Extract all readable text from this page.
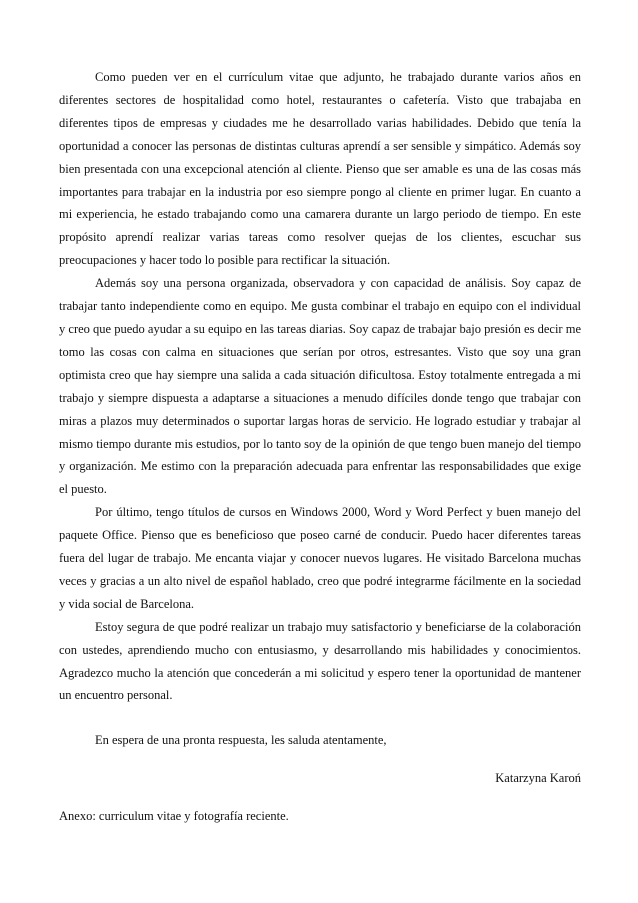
Como pueden ver en el currículum vitae que adjunto, he trabajado durante varios años en diferentes sectores de hospitalidad como hotel, restaurantes o cafetería. Visto que trabajaba en diferentes tipos de empresas y ciudades me he desarrollado varias habilidades. Debido que tenía la oportunidad a conocer las personas de distintas culturas aprendí a ser sensible y simpático. Además soy bien presentada con una excepcional atención al cliente. Pienso que ser amable es una de las cosas más importantes para trabajar en la industria por eso siempre pongo al cliente en primer lugar. En cuanto a mi experiencia, he estado trabajando como una camarera durante un largo periodo de tiempo. En este propósito aprendí realizar varias tareas como resolver quejas de los clientes, escuchar sus preocupaciones y hacer todo lo posible para rectificar la situación.

Además soy una persona organizada, observadora y con capacidad de análisis. Soy capaz de trabajar tanto independiente como en equipo. Me gusta combinar el trabajo en equipo con el individual y creo que puedo ayudar a su equipo en las tareas diarias. Soy capaz de trabajar bajo presión es decir me tomo las cosas con calma en situaciones que serían por otros, estresantes. Visto que soy una gran optimista creo que hay siempre una salida a cada situación dificultosa. Estoy totalmente entregada a mi trabajo y siempre dispuesta a adaptarse a situaciones a menudo difíciles donde tengo que trabajar con miras a plazos muy determinados o suportar largas horas de servicio. He logrado estudiar y trabajar al mismo tiempo durante mis estudios, por lo tanto soy de la opinión de que tengo buen manejo del tiempo y organización. Me estimo con la preparación adecuada para enfrentar las responsabilidades que exige el puesto.

Por último, tengo títulos de cursos en Windows 2000, Word y Word Perfect y buen manejo del paquete Office. Pienso que es beneficioso que poseo carné de conducir. Puedo hacer diferentes tareas fuera del lugar de trabajo. Me encanta viajar y conocer nuevos lugares. He visitado Barcelona muchas veces y gracias a un alto nivel de español hablado, creo que podré integrarme fácilmente en la sociedad y vida social de Barcelona.

Estoy segura de que podré realizar un trabajo muy satisfactorio y beneficiarse de la colaboración con ustedes, aprendiendo mucho con entusiasmo, y desarrollando mis habilidades y conocimientos. Agradezco mucho la atención que concederán a mi solicitud y espero tener la oportunidad de mantener un encuentro personal.

En espera de una pronta respuesta, les saluda atentamente,

Katarzyna Karoń

Anexo: curriculum vitae y fotografía reciente.
